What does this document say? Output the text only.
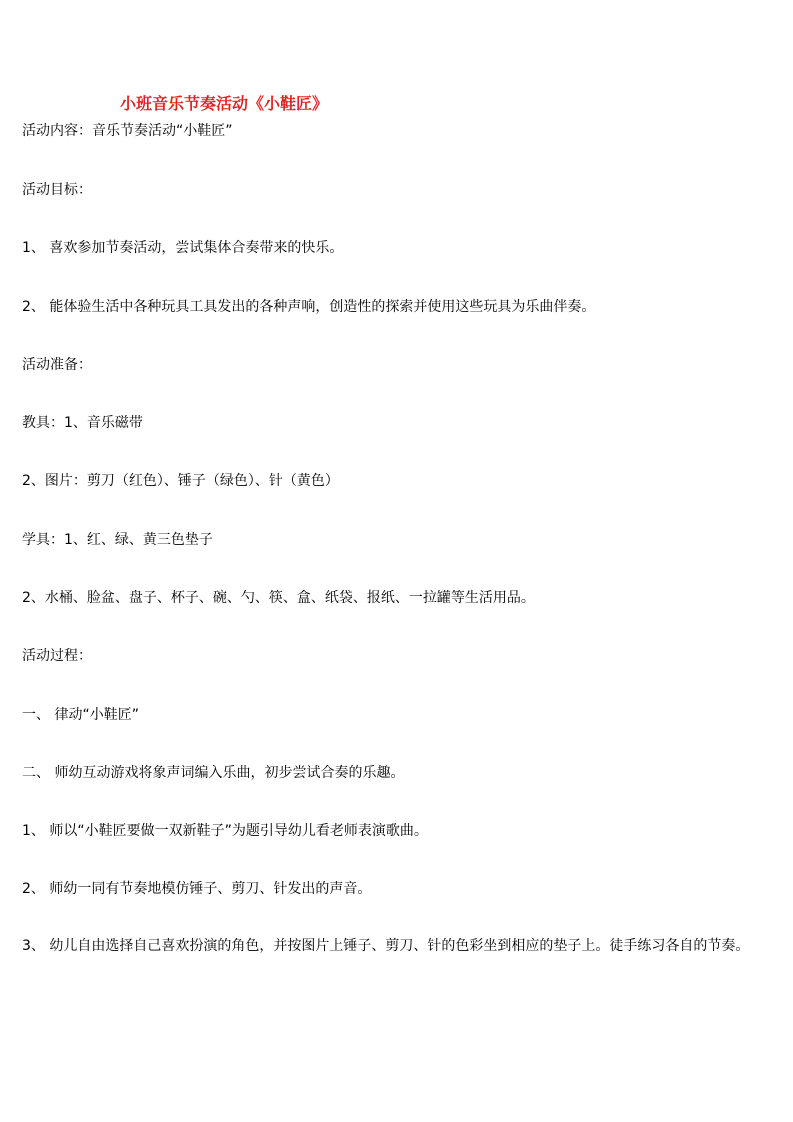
小班音乐节奏活动《小鞋匠》
活动内容：音乐节奏活动“小鞋匠”
活动目标：
1、 喜欢参加节奏活动，尝试集体合奏带来的快乐。
2、 能体验生活中各种玩具工具发出的各种声响，创造性的探索并使用这些玩具为乐曲伴奏。
活动准备：
教具：1、音乐磁带
2、图片：剪刀（红色）、锤子（绿色）、针（黄色）
学具：1、红、绿、黄三色垫子
2、水桶、脸盆、盘子、杯子、碗、勺、筷、盒、纸袋、报纸、一拉罐等生活用品。
活动过程：
一、 律动“小鞋匠”
二、 师幼互动游戏将象声词编入乐曲，初步尝试合奏的乐趣。
1、 师以“小鞋匠要做一双新鞋子”为题引导幼儿看老师表演歌曲。
2、 师幼一同有节奏地模仿锤子、剪刀、针发出的声音。
3、 幼儿自由选择自己喜欢扮演的角色，并按图片上锤子、剪刀、针的色彩坐到相应的垫子上。徒手练习各自的节奏。
